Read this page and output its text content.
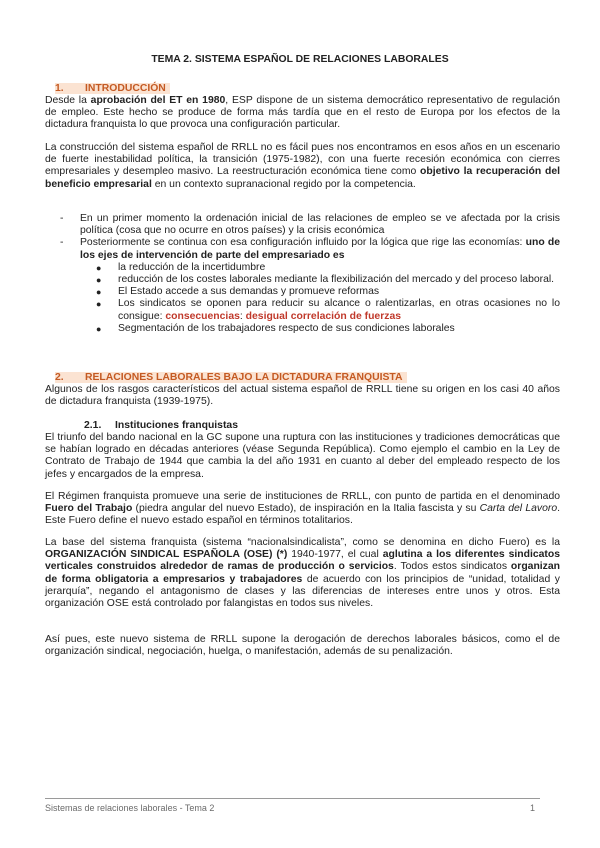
TEMA 2. SISTEMA ESPAÑOL DE RELACIONES LABORALES
1. INTRODUCCIÓN

Desde la aprobación del ET en 1980, ESP dispone de un sistema democrático representativo de regulación de empleo. Este hecho se produce de forma más tardía que en el resto de Europa por los efectos de la dictadura franquista lo que provoca una configuración particular.

La construcción del sistema español de RRLL no es fácil pues nos encontramos en esos años en un escenario de fuerte inestabilidad política, la transición (1975-1982), con una fuerte recesión económica con cierres empresariales y desempleo masivo. La reestructuración económica tiene como objetivo la recuperación del beneficio empresarial en un contexto supranacional regido por la competencia.

- En un primer momento la ordenación inicial de las relaciones de empleo se ve afectada por la crisis política (cosa que no ocurre en otros países) y la crisis económica
- Posteriormente se continua con esa configuración influido por la lógica que rige las economías: uno de los ejes de intervención de parte del empresariado es
● la reducción de la incertidumbre
● reducción de los costes laborales mediante la flexibilización del mercado y del proceso laboral.
● El Estado accede a sus demandas y promueve reformas
● Los sindicatos se oponen para reducir su alcance o ralentizarlas, en otras ocasiones no lo consigue: consecuencias: desigual correlación de fuerzas
● Segmentación de los trabajadores respecto de sus condiciones laborales
2. RELACIONES LABORALES BAJO LA DICTADURA FRANQUISTA

Algunos de los rasgos característicos del actual sistema español de RRLL tiene su origen en los casi 40 años de dictadura franquista (1939-1975).

2.1. Instituciones franquistas

El triunfo del bando nacional en la GC supone una ruptura con las instituciones y tradiciones democráticas que se habían logrado en décadas anteriores (véase Segunda República). Como ejemplo el cambio en la Ley de Contrato de Trabajo de 1944 que cambia la del año 1931 en cuanto al deber del empleado respecto de los jefes y encargados de la empresa.

El Régimen franquista promueve una serie de instituciones de RRLL, con punto de partida en el denominado Fuero del Trabajo (piedra angular del nuevo Estado), de inspiración en la Italia fascista y su Carta del Lavoro. Este Fuero define el nuevo estado español en términos totalitarios.

La base del sistema franquista (sistema “nacionalsindicalista”, como se denomina en dicho Fuero) es la ORGANIZACIÓN SINDICAL ESPAÑOLA (OSE) (*) 1940-1977, el cual aglutina a los diferentes sindicatos verticales construidos alrededor de ramas de producción o servicios. Todos estos sindicatos organizan de forma obligatoria a empresarios y trabajadores de acuerdo con los principios de “unidad, totalidad y jerarquía”, negando el antagonismo de clases y las diferencias de intereses entre unos y otros. Esta organización OSE está controlado por falangistas en todos sus niveles.

Así pues, este nuevo sistema de RRLL supone la derogación de derechos laborales básicos, como el de organización sindical, negociación, huelga, o manifestación, además de su penalización.

Sistemas de relaciones laborales - Tema 2	1
